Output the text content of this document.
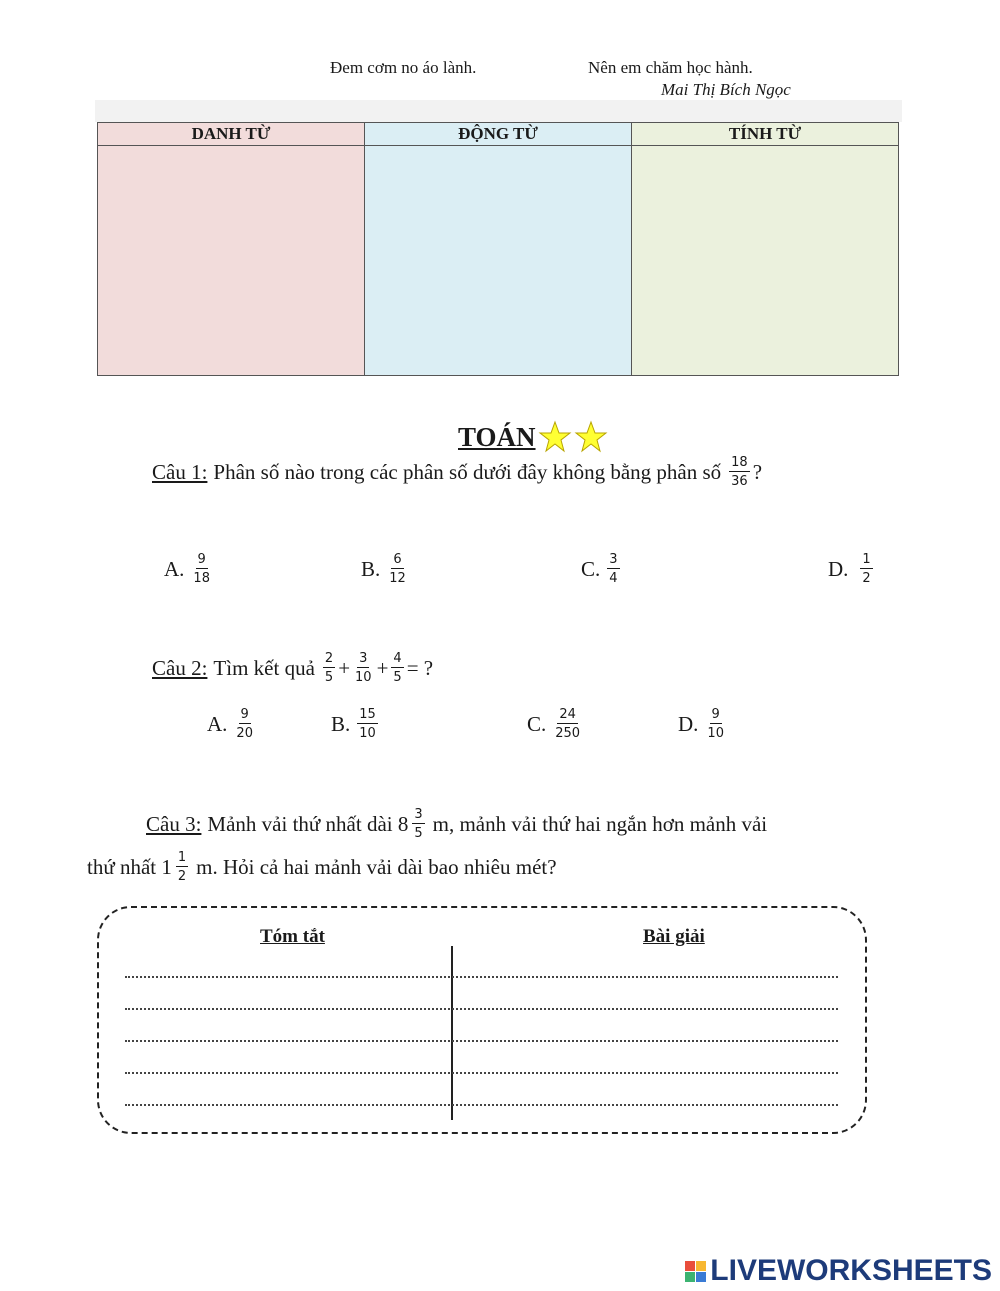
Đem cơm no áo lành.	Nên em chăm học hành.
Mai Thị Bích Ngọc
DANH TỪ	ĐỘNG TỪ	TÍNH TỪ

TOÁN
Câu 1: Phân số nào trong các phân số dưới đây không bằng phân số $\frac{18}{36}$ ?
A. $\frac{9}{18}$	B. $\frac{6}{12}$	C. $\frac{3}{4}$	D. $\frac{1}{2}$
Câu 2: Tìm kết quả $\frac{2}{5} + \frac{3}{10} + \frac{4}{5}$ = ?
A. $\frac{9}{20}$	B. $\frac{15}{10}$	C. $\frac{24}{250}$	D. $\frac{9}{10}$
Câu 3: Mảnh vải thứ nhất dài $8 \frac{3}{5} m$, mảnh vải thứ hai ngắn hơn mảnh vải
thứ nhất $1 \frac{1}{2} m$. Hỏi cả hai mảnh vải dài bao nhiêu mét?
Tóm tắt	Bài giải
LIVEWORKSHEETS
